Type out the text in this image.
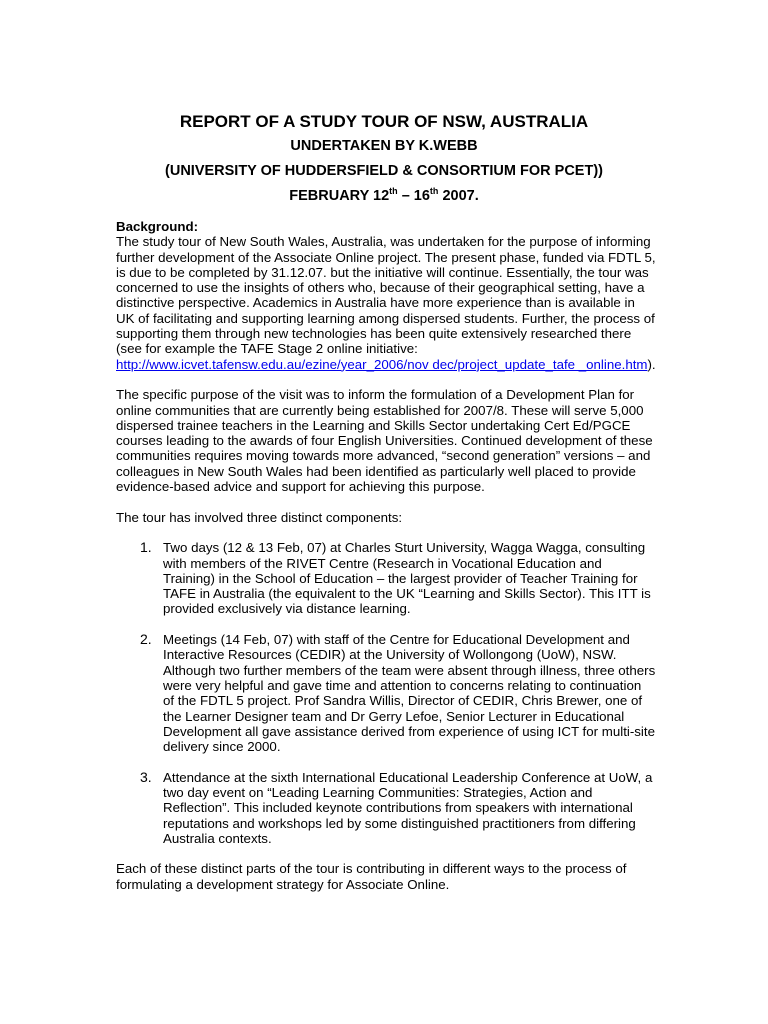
REPORT OF A STUDY TOUR OF NSW, AUSTRALIA
UNDERTAKEN BY K.WEBB
(UNIVERSITY OF HUDDERSFIELD & CONSORTIUM FOR PCET))
FEBRUARY 12th – 16th 2007.

Background:

The study tour of New South Wales, Australia, was undertaken for the purpose of informing further development of the Associate Online project. The present phase, funded via FDTL 5, is due to be completed by 31.12.07. but the initiative will continue. Essentially, the tour was concerned to use the insights of others who, because of their geographical setting, have a distinctive perspective. Academics in Australia have more experience than is available in UK of facilitating and supporting learning among dispersed students. Further, the process of supporting them through new technologies has been quite extensively researched there (see for example the TAFE Stage 2 online initiative: http://www.icvet.tafensw.edu.au/ezine/year_2006/nov dec/project_update_tafe _online.htm).

The specific purpose of the visit was to inform the formulation of a Development Plan for online communities that are currently being established for 2007/8. These will serve 5,000 dispersed trainee teachers in the Learning and Skills Sector undertaking Cert Ed/PGCE courses leading to the awards of four English Universities. Continued development of these communities requires moving towards more advanced, “second generation” versions – and colleagues in New South Wales had been identified as particularly well placed to provide evidence-based advice and support for achieving this purpose.

The tour has involved three distinct components:

1. Two days (12 & 13 Feb, 07) at Charles Sturt University, Wagga Wagga, consulting with members of the RIVET Centre (Research in Vocational Education and Training) in the School of Education – the largest provider of Teacher Training for TAFE in Australia (the equivalent to the UK “Learning and Skills Sector). This ITT is provided exclusively via distance learning.
2. Meetings (14 Feb, 07) with staff of the Centre for Educational Development and Interactive Resources (CEDIR) at the University of Wollongong (UoW), NSW. Although two further members of the team were absent through illness, three others were very helpful and gave time and attention to concerns relating to continuation of the FDTL 5 project. Prof Sandra Willis, Director of CEDIR, Chris Brewer, one of the Learner Designer team and Dr Gerry Lefoe, Senior Lecturer in Educational Development all gave assistance derived from experience of using ICT for multi-site delivery since 2000.
3. Attendance at the sixth International Educational Leadership Conference at UoW, a two day event on “Leading Learning Communities: Strategies, Action and Reflection”. This included keynote contributions from speakers with international reputations and workshops led by some distinguished practitioners from differing Australia contexts.

Each of these distinct parts of the tour is contributing in different ways to the process of formulating a development strategy for Associate Online.
